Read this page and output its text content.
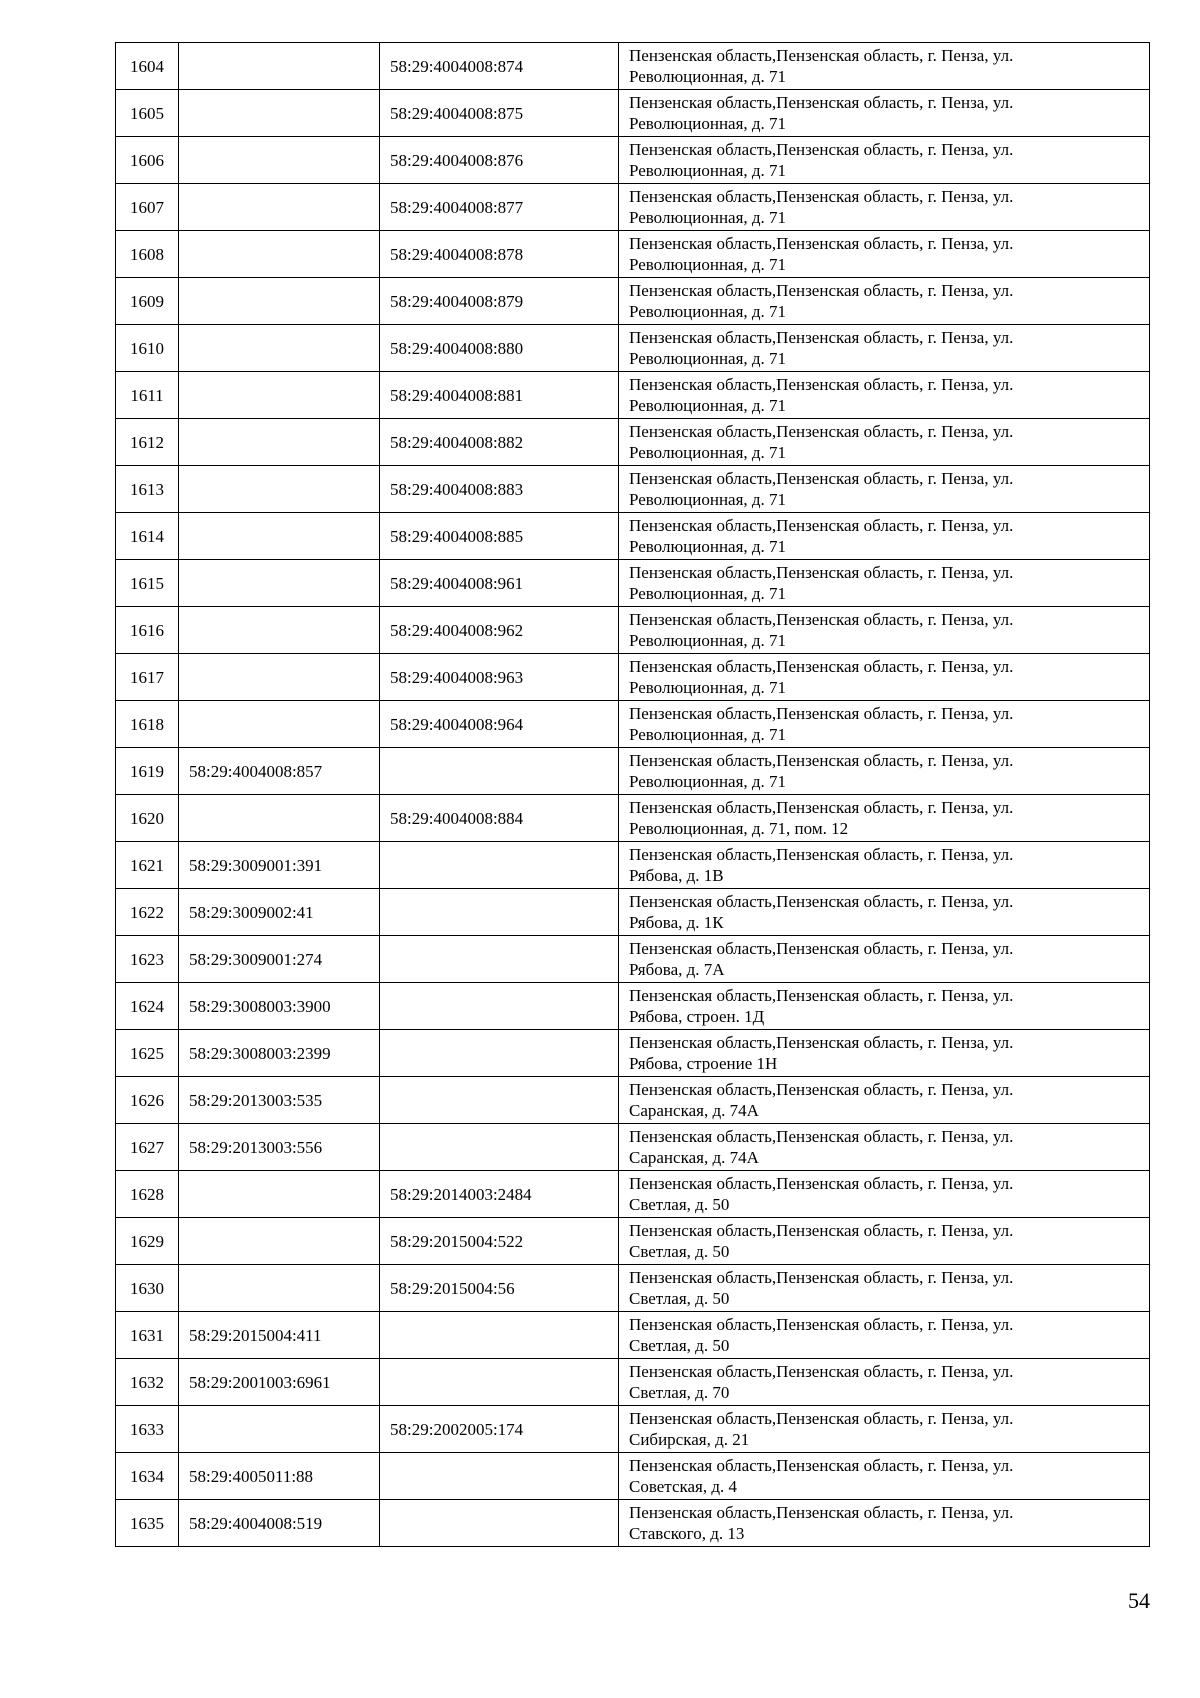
1604		58:29:4004008:874	Пензенская область,Пензенская область, г. Пенза, ул.
Революционная, д. 71

1605		58:29:4004008:875	Пензенская область,Пензенская область, г. Пенза, ул.
Революционная, д. 71

1606		58:29:4004008:876	Пензенская область,Пензенская область, г. Пенза, ул.
Революционная, д. 71

1607		58:29:4004008:877	Пензенская область,Пензенская область, г. Пенза, ул.
Революционная, д. 71

1608		58:29:4004008:878	Пензенская область,Пензенская область, г. Пенза, ул.
Революционная, д. 71

1609		58:29:4004008:879	Пензенская область,Пензенская область, г. Пенза, ул.
Революционная, д. 71

1610		58:29:4004008:880	Пензенская область,Пензенская область, г. Пенза, ул.
Революционная, д. 71

1611		58:29:4004008:881	Пензенская область,Пензенская область, г. Пенза, ул.
Революционная, д. 71

1612		58:29:4004008:882	Пензенская область,Пензенская область, г. Пенза, ул.
Революционная, д. 71

1613		58:29:4004008:883	Пензенская область,Пензенская область, г. Пенза, ул.
Революционная, д. 71

1614		58:29:4004008:885	Пензенская область,Пензенская область, г. Пенза, ул.
Революционная, д. 71

1615		58:29:4004008:961	Пензенская область,Пензенская область, г. Пенза, ул.
Революционная, д. 71

1616		58:29:4004008:962	Пензенская область,Пензенская область, г. Пенза, ул.
Революционная, д. 71

1617		58:29:4004008:963	Пензенская область,Пензенская область, г. Пенза, ул.
Революционная, д. 71

1618		58:29:4004008:964	Пензенская область,Пензенская область, г. Пенза, ул.
Революционная, д. 71

1619	58:29:4004008:857		Пензенская область,Пензенская область, г. Пенза, ул.
Революционная, д. 71

1620		58:29:4004008:884	Пензенская область,Пензенская область, г. Пенза, ул.
Революционная, д. 71, пом. 12

1621	58:29:3009001:391		Пензенская область,Пензенская область, г. Пенза, ул.
Рябова, д. 1В

1622	58:29:3009002:41		Пензенская область,Пензенская область, г. Пенза, ул.
Рябова, д. 1К

1623	58:29:3009001:274		Пензенская область,Пензенская область, г. Пенза, ул.
Рябова, д. 7А

1624	58:29:3008003:3900		Пензенская область,Пензенская область, г. Пенза, ул.
Рябова, строен. 1Д

1625	58:29:3008003:2399		Пензенская область,Пензенская область, г. Пенза, ул.
Рябова, строение 1Н

1626	58:29:2013003:535		Пензенская область,Пензенская область, г. Пенза, ул.
Саранская, д. 74А

1627	58:29:2013003:556		Пензенская область,Пензенская область, г. Пенза, ул.
Саранская, д. 74А

1628		58:29:2014003:2484	Пензенская область,Пензенская область, г. Пенза, ул.
Светлая, д. 50

1629		58:29:2015004:522	Пензенская область,Пензенская область, г. Пенза, ул.
Светлая, д. 50

1630		58:29:2015004:56	Пензенская область,Пензенская область, г. Пенза, ул.
Светлая, д. 50

1631	58:29:2015004:411		Пензенская область,Пензенская область, г. Пенза, ул.
Светлая, д. 50

1632	58:29:2001003:6961		Пензенская область,Пензенская область, г. Пенза, ул.
Светлая, д. 70

1633		58:29:2002005:174	Пензенская область,Пензенская область, г. Пенза, ул.
Сибирская, д. 21

1634	58:29:4005011:88		Пензенская область,Пензенская область, г. Пенза, ул.
Советская, д. 4

1635	58:29:4004008:519		Пензенская область,Пензенская область, г. Пенза, ул.
Ставского, д. 13
54
